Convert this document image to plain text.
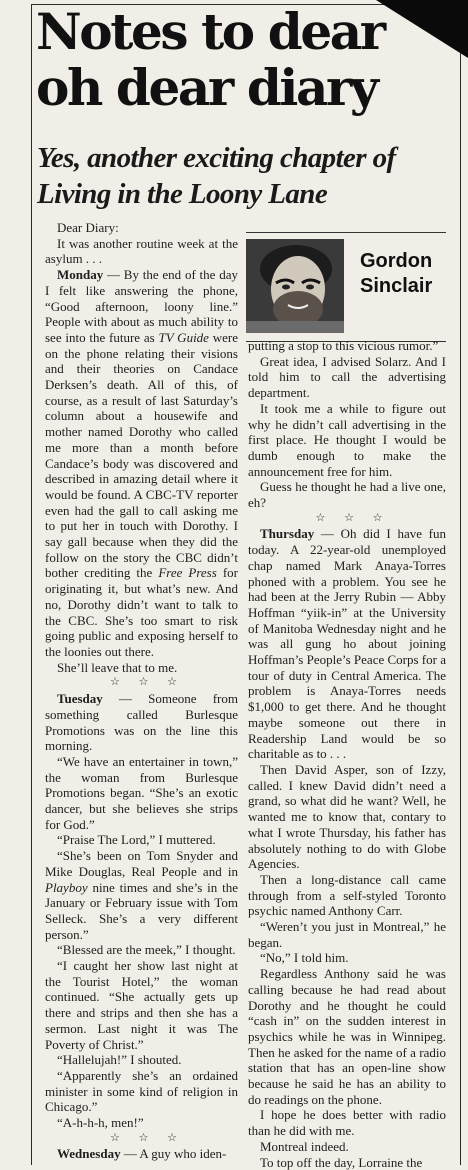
Notes to dear oh dear diary
Yes, another exciting chapter of Living in the Loony Lane
Gordon
Sinclair

Dear Diary:

It was another routine week at the asylum . . .

Monday — By the end of the day I felt like answering the phone, “Good afternoon, loony line.” People with about as much ability to see into the future as TV Guide were on the phone relating their visions and their theories on Candace Derksen’s death. All of this, of course, as a result of last Saturday’s column about a housewife and mother named Dorothy who called me more than a month before Candace’s body was discovered and described in amazing detail where it would be found. A CBC-TV reporter even had the gall to call asking me to put her in touch with Dorothy. I say gall because when they did the follow on the story the CBC didn’t bother crediting the Free Press for originating it, but what’s new. And no, Dorothy didn’t want to talk to the CBC. She’s too smart to risk going public and exposing herself to the loonies out there.

She’ll leave that to me.

☆ ☆ ☆

Tuesday — Someone from something called Burlesque Promotions was on the line this morning.

“We have an entertainer in town,” the woman from Burlesque Promotions began. “She’s an exotic dancer, but she believes she strips for God.”

“Praise The Lord,” I muttered.

“She’s been on Tom Snyder and Mike Douglas, Real People and in Playboy nine times and she’s in the January or February issue with Tom Selleck. She’s a very different person.”

“Blessed are the meek,” I thought.

“I caught her show last night at the Tourist Hotel,” the woman continued. “She actually gets up there and strips and then she has a sermon. Last night it was The Poverty of Christ.”

“Hallelujah!” I shouted.

“Apparently she’s an ordained minister in some kind of religion in Chicago.”

“A-h-h-h, men!”

☆ ☆ ☆

Wednesday — A guy who iden-

putting a stop to this vicious rumor.”

Great idea, I advised Solarz. And I told him to call the advertising department.

It took me a while to figure out why he didn’t call advertising in the first place. He thought I would be dumb enough to make the announcement free for him.

Guess he thought he had a live one, eh?

☆ ☆ ☆

Thursday — Oh did I have fun today. A 22-year-old unemployed chap named Mark Anaya-Torres phoned with a problem. You see he had been at the Jerry Rubin — Abby Hoffman “yiik-in” at the University of Manitoba Wednesday night and he was all gung ho about joining Hoffman’s People’s Peace Corps for a tour of duty in Central America. The problem is Anaya-Torres needs $1,000 to get there. And he thought maybe someone out there in Readership Land would be so charitable as to . . .

Then David Asper, son of Izzy, called. I knew David didn’t need a grand, so what did he want? Well, he wanted me to know that, contary to what I wrote Thursday, his father has absolutely nothing to do with Globe Agencies.

Then a long-distance call came through from a self-styled Toronto psychic named Anthony Carr.

“Weren’t you just in Montreal,” he began.

“No,” I told him.

Regardless Anthony said he was calling because he had read about Dorothy and he thought he could “cash in” on the sudden interest in psychics while he was in Winnipeg. Then he asked for the name of a radio station that has an open-line show because he said he has an ability to do readings on the phone.

I hope he does better with radio than he did with me.

Montreal indeed.

To top off the day, Lorraine the
